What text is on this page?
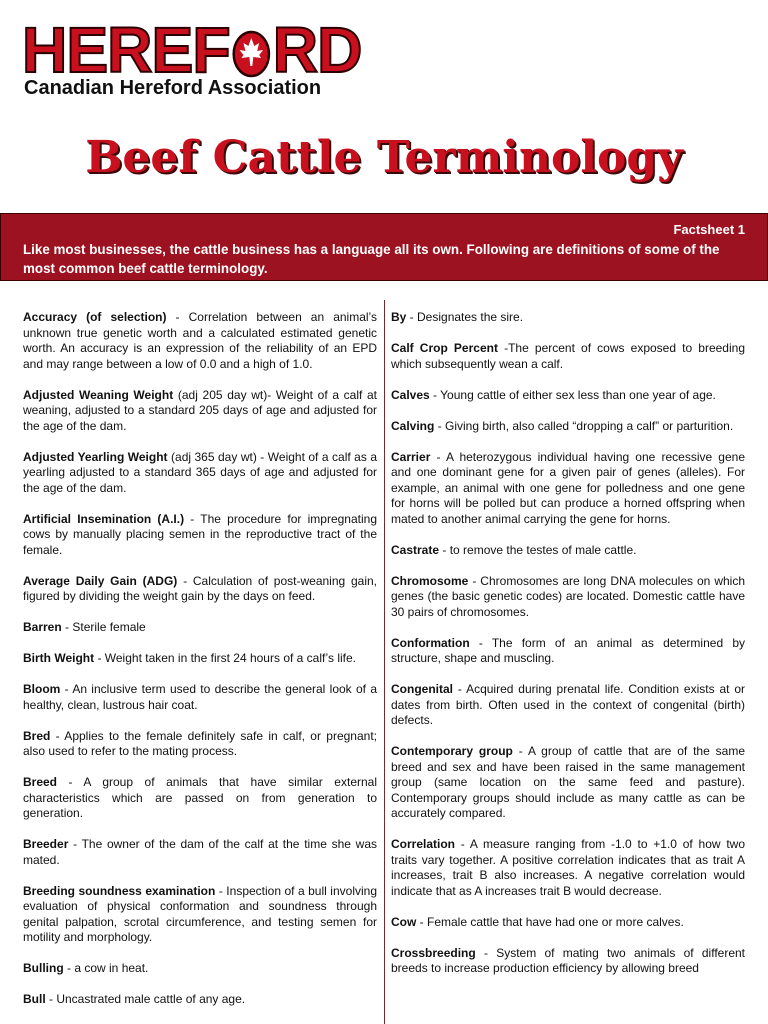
HEREF RD
Canadian Hereford Association
Beef Cattle Terminology
Factsheet 1
Like most businesses, the cattle business has a language all its own. Following are definitions of some of the most common beef cattle terminology.

Accuracy (of selection) - Correlation between an animal’s unknown true genetic worth and a calculated estimated genetic worth. An accuracy is an expression of the reliability of an EPD and may range between a low of 0.0 and a high of 1.0.

Adjusted Weaning Weight (adj 205 day wt)- Weight of a calf at weaning, adjusted to a standard 205 days of age and adjusted for the age of the dam.

Adjusted Yearling Weight (adj 365 day wt) - Weight of a calf as a yearling adjusted to a standard 365 days of age and adjusted for the age of the dam.

Artificial Insemination (A.I.) - The procedure for impregnating cows by manually placing semen in the reproductive tract of the female.

Average Daily Gain (ADG) - Calculation of post-weaning gain, figured by dividing the weight gain by the days on feed.

Barren - Sterile female

Birth Weight - Weight taken in the first 24 hours of a calf’s life.

Bloom - An inclusive term used to describe the general look of a healthy, clean, lustrous hair coat.

Bred - Applies to the female definitely safe in calf, or pregnant; also used to refer to the mating process.

Breed - A group of animals that have similar external characteristics which are passed on from generation to generation.

Breeder - The owner of the dam of the calf at the time she was mated.

Breeding soundness examination - Inspection of a bull involving evaluation of physical conformation and soundness through genital palpation, scrotal circumference, and testing semen for motility and morphology.

Bulling - a cow in heat.

Bull - Uncastrated male cattle of any age.

By - Designates the sire.

Calf Crop Percent -The percent of cows exposed to breeding which subsequently wean a calf.

Calves - Young cattle of either sex less than one year of age.

Calving - Giving birth, also called “dropping a calf” or parturition.

Carrier - A heterozygous individual having one recessive gene and one dominant gene for a given pair of genes (alleles). For example, an animal with one gene for polledness and one gene for horns will be polled but can produce a horned offspring when mated to another animal carrying the gene for horns.

Castrate - to remove the testes of male cattle.

Chromosome - Chromosomes are long DNA molecules on which genes (the basic genetic codes) are located. Domestic cattle have 30 pairs of chromosomes.

Conformation - The form of an animal as determined by structure, shape and muscling.

Congenital - Acquired during prenatal life. Condition exists at or dates from birth. Often used in the context of congenital (birth) defects.

Contemporary group - A group of cattle that are of the same breed and sex and have been raised in the same management group (same location on the same feed and pasture). Contemporary groups should include as many cattle as can be accurately compared.

Correlation - A measure ranging from -1.0 to +1.0 of how two traits vary together. A positive correlation indicates that as trait A increases, trait B also increases. A negative correlation would indicate that as A increases trait B would decrease.

Cow - Female cattle that have had one or more calves.

Crossbreeding - System of mating two animals of different breeds to increase production efficiency by allowing breed
